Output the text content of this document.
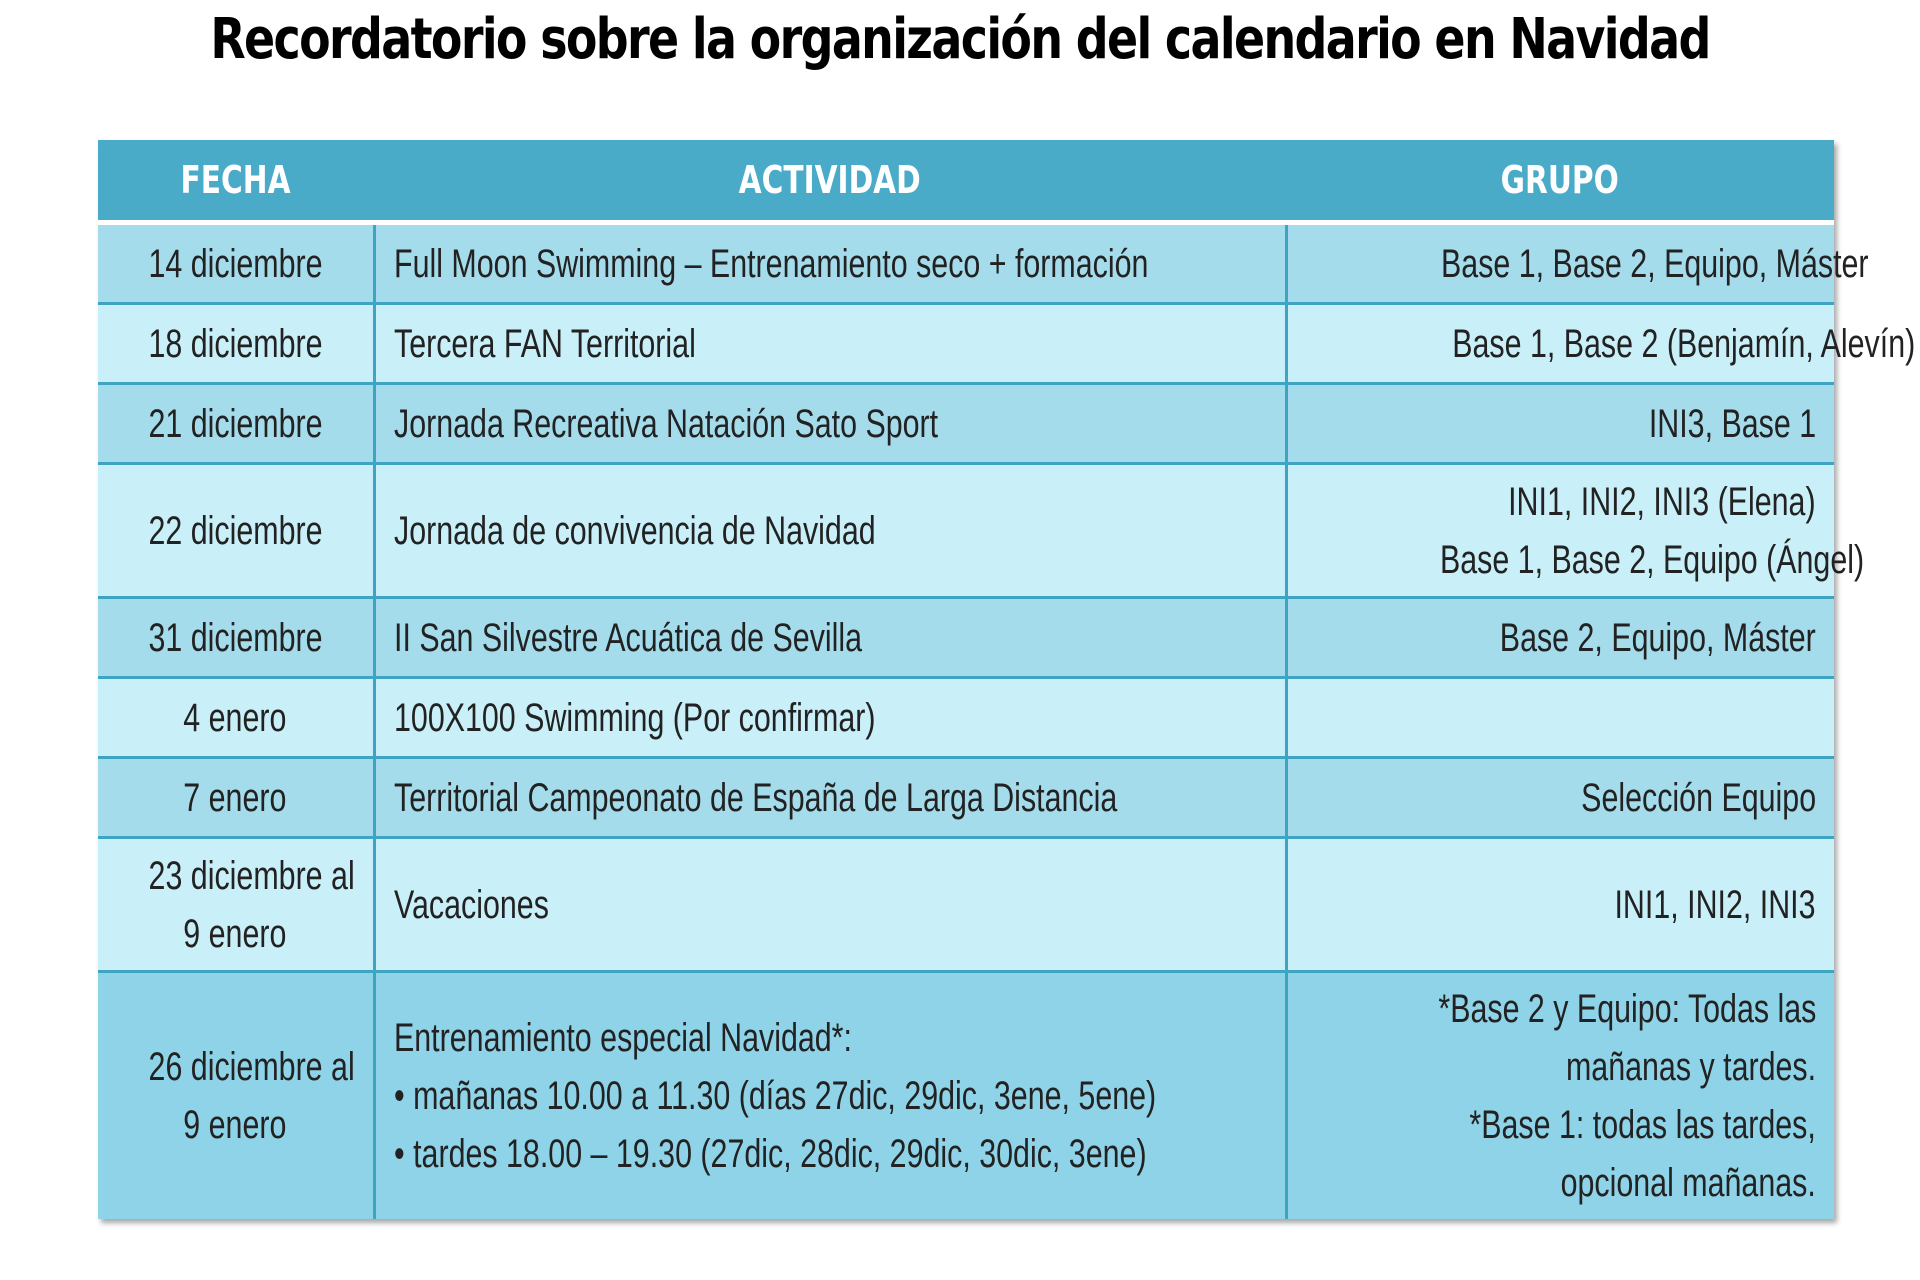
Recordatorio sobre la organización del calendario en Navidad
FECHA	ACTIVIDAD	GRUPO
14 diciembre	Full Moon Swimming – Entrenamiento seco + formación	Base 1, Base 2, Equipo, Máster
18 diciembre	Tercera FAN Territorial	Base 1, Base 2 (Benjamín, Alevín)
21 diciembre	Jornada Recreativa Natación Sato Sport	INI3, Base 1
22 diciembre	Jornada de convivencia de Navidad	INI1, INI2, INI3 (Elena) Base 1, Base 2, Equipo (Ángel)
31 diciembre	II San Silvestre Acuática de Sevilla	Base 2, Equipo, Máster
4 enero	100X100 Swimming (Por confirmar)	
7 enero	Territorial Campeonato de España de Larga Distancia	Selección Equipo
23 diciembre al 9 enero	Vacaciones	INI1, INI2, INI3
26 diciembre al 9 enero	Entrenamiento especial Navidad*: • mañanas 10.00 a 11.30 (días 27dic, 29dic, 3ene, 5ene) • tardes 18.00 – 19.30 (27dic, 28dic, 29dic, 30dic, 3ene)	*Base 2 y Equipo: Todas las mañanas y tardes. *Base 1: todas las tardes, opcional mañanas.
